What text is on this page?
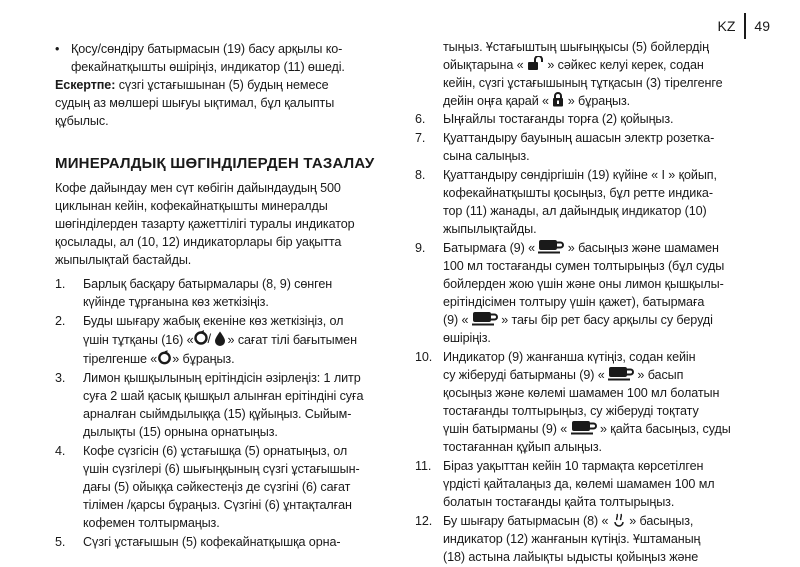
KZ 49
• Қосу/сөндіру батырмасын (19) басу арқылы ко-
фекайнатқышты өшіріңіз, индикатор (11) өшеді.
Ескертпе: сүзгі ұстағышынан (5) будың немесе
судың аз мөлшері шығуы ықтимал, бұл қалыпты
құбылыс.
МИНЕРАЛДЫҚ ШӨГІНДІЛЕРДЕН ТАЗАЛАУ
Кофе дайындау мен сүт көбігін дайындаудың 500
циклынан кейін, кофекайнатқышты минералды
шөгінділерден тазарту қажеттілігі туралы индикатор
қосылады, ал (10, 12) индикаторлары бір уақытта
жыпылықтай бастайды.
1.	Барлық басқару батырмалары (8, 9) сөнген
күйінде тұрғанына көз жеткізіңіз.
2.	Буды шығару жабық екеніне көз жеткізіңіз, ол
үшін тұтқаны (16) « / » сағат тілі бағытымен
тірелгенше « » бұраңыз.
3.	Лимон қышқылының ерітіндісін әзірлеңіз: 1 литр
суға 2 шай қасық қышқыл алынған ерітіндіні суға
арналған сыймдылыққа (15) құйыңыз. Сыйым-
дылықты (15) орнына орнатыңыз.
4.	Кофе сүзгісін (6) ұстағышқа (5) орнатыңыз, ол
үшін сүзгілері (6) шығыңқының сүзгі ұстағышын-
дағы (5) ойыққа сәйкестеңіз де сүзгіні (6) сағат
тілімен /қарсы бұраңыз. Сүзгіні (6) ұнтақталған
кофемен толтырмаңыз.
5.	Сүзгі ұстағышын (5) кофекайнатқышқа орна-
тыңыз. Ұстағыштың шығыңқысы (5) бойлердің
ойықтарына «  » сәйкес келуі керек, содан
кейін, сүзгі ұстағышының тұтқасын (3) тірелгенге
дейін оңға қарай «  » бұраңыз.
6.	Ыңғайлы тостағанды торға (2) қойыңыз.
7.	Қуаттандыру бауының ашасын электр розетка-
сына салыңыз.
8.	Қуаттандыру сөндіргішін (19) күйіне « I » қойып,
кофекайнатқышты қосыңыз, бұл ретте индика-
тор (11) жанады, ал дайындық индикатор (10)
жыпылықтайды.
9.	Батырмаға (9) «  » басыңыз және шамамен
100 мл тостағанды сумен толтырыңыз (бұл суды
бойлерден жою үшін және оны лимон қышқылы-
ерітіндісімен толтыру үшін қажет), батырмаға
(9) «  » тағы бір рет басу арқылы су беруді
өшіріңіз.
10. Индикатор (9) жанғанша күтіңіз, содан кейін
су жіберуді батырманы (9) «  » басып
қосыңыз және көлемі шамамен 100 мл болатын
тостағанды толтырыңыз, су жіберуді тоқтату
үшін батырманы (9) «  » қайта басыңыз, суды
тостағаннан құйып алыңыз.
11. Біраз уақыттан кейін 10 тармақта көрсетілген
үрдісті қайталаңыз да, көлемі шамамен 100 мл
болатын тостағанды қайта толтырыңыз.
12. Бу шығару батырмасын (8) «  » басыңыз,
индикатор (12) жанғанын күтіңіз. Ұштаманың
(18) астына лайықты ыдысты қойыңыз және
